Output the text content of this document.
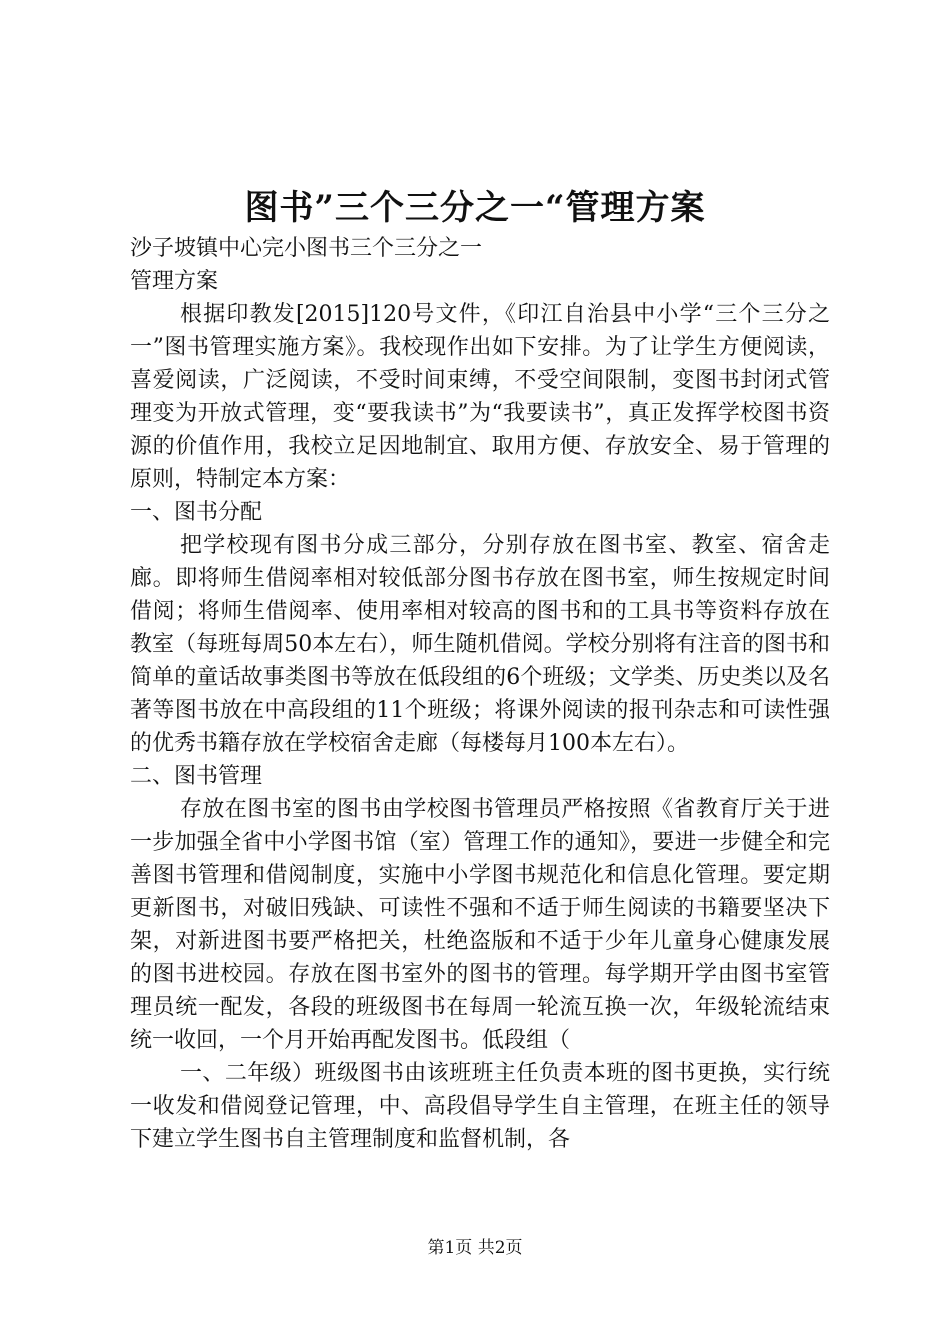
图书”三个三分之一“管理方案

沙子坡镇中心完小图书三个三分之一

管理方案

根据印教发[2015]120号文件，《印江自治县中小学“三个三分之一”图书管理实施方案》。我校现作出如下安排。为了让学生方便阅读，喜爱阅读，广泛阅读，不受时间束缚，不受空间限制，变图书封闭式管理变为开放式管理，变“要我读书”为“我要读书”，真正发挥学校图书资源的价值作用，我校立足因地制宜、取用方便、存放安全、易于管理的原则，特制定本方案：

一、图书分配

把学校现有图书分成三部分，分别存放在图书室、教室、宿舍走廊。即将师生借阅率相对较低部分图书存放在图书室，师生按规定时间借阅；将师生借阅率、使用率相对较高的图书和的工具书等资料存放在教室（每班每周50本左右），师生随机借阅。学校分别将有注音的图书和简单的童话故事类图书等放在低段组的6个班级；文学类、历史类以及名著等图书放在中高段组的11个班级；将课外阅读的报刊杂志和可读性强的优秀书籍存放在学校宿舍走廊（每楼每月100本左右）。

二、图书管理

存放在图书室的图书由学校图书管理员严格按照《省教育厅关于进一步加强全省中小学图书馆（室）管理工作的通知》，要进一步健全和完善图书管理和借阅制度，实施中小学图书规范化和信息化管理。要定期更新图书，对破旧残缺、可读性不强和不适于师生阅读的书籍要坚决下架，对新进图书要严格把关，杜绝盗版和不适于少年儿童身心健康发展的图书进校园。存放在图书室外的图书的管理。每学期开学由图书室管理员统一配发，各段的班级图书在每周一轮流互换一次，年级轮流结束统一收回，一个月开始再配发图书。低段组（

一、二年级）班级图书由该班班主任负责本班的图书更换，实行统一收发和借阅登记管理，中、高段倡导学生自主管理，在班主任的领导下建立学生图书自主管理制度和监督机制，各

第1页 共2页
